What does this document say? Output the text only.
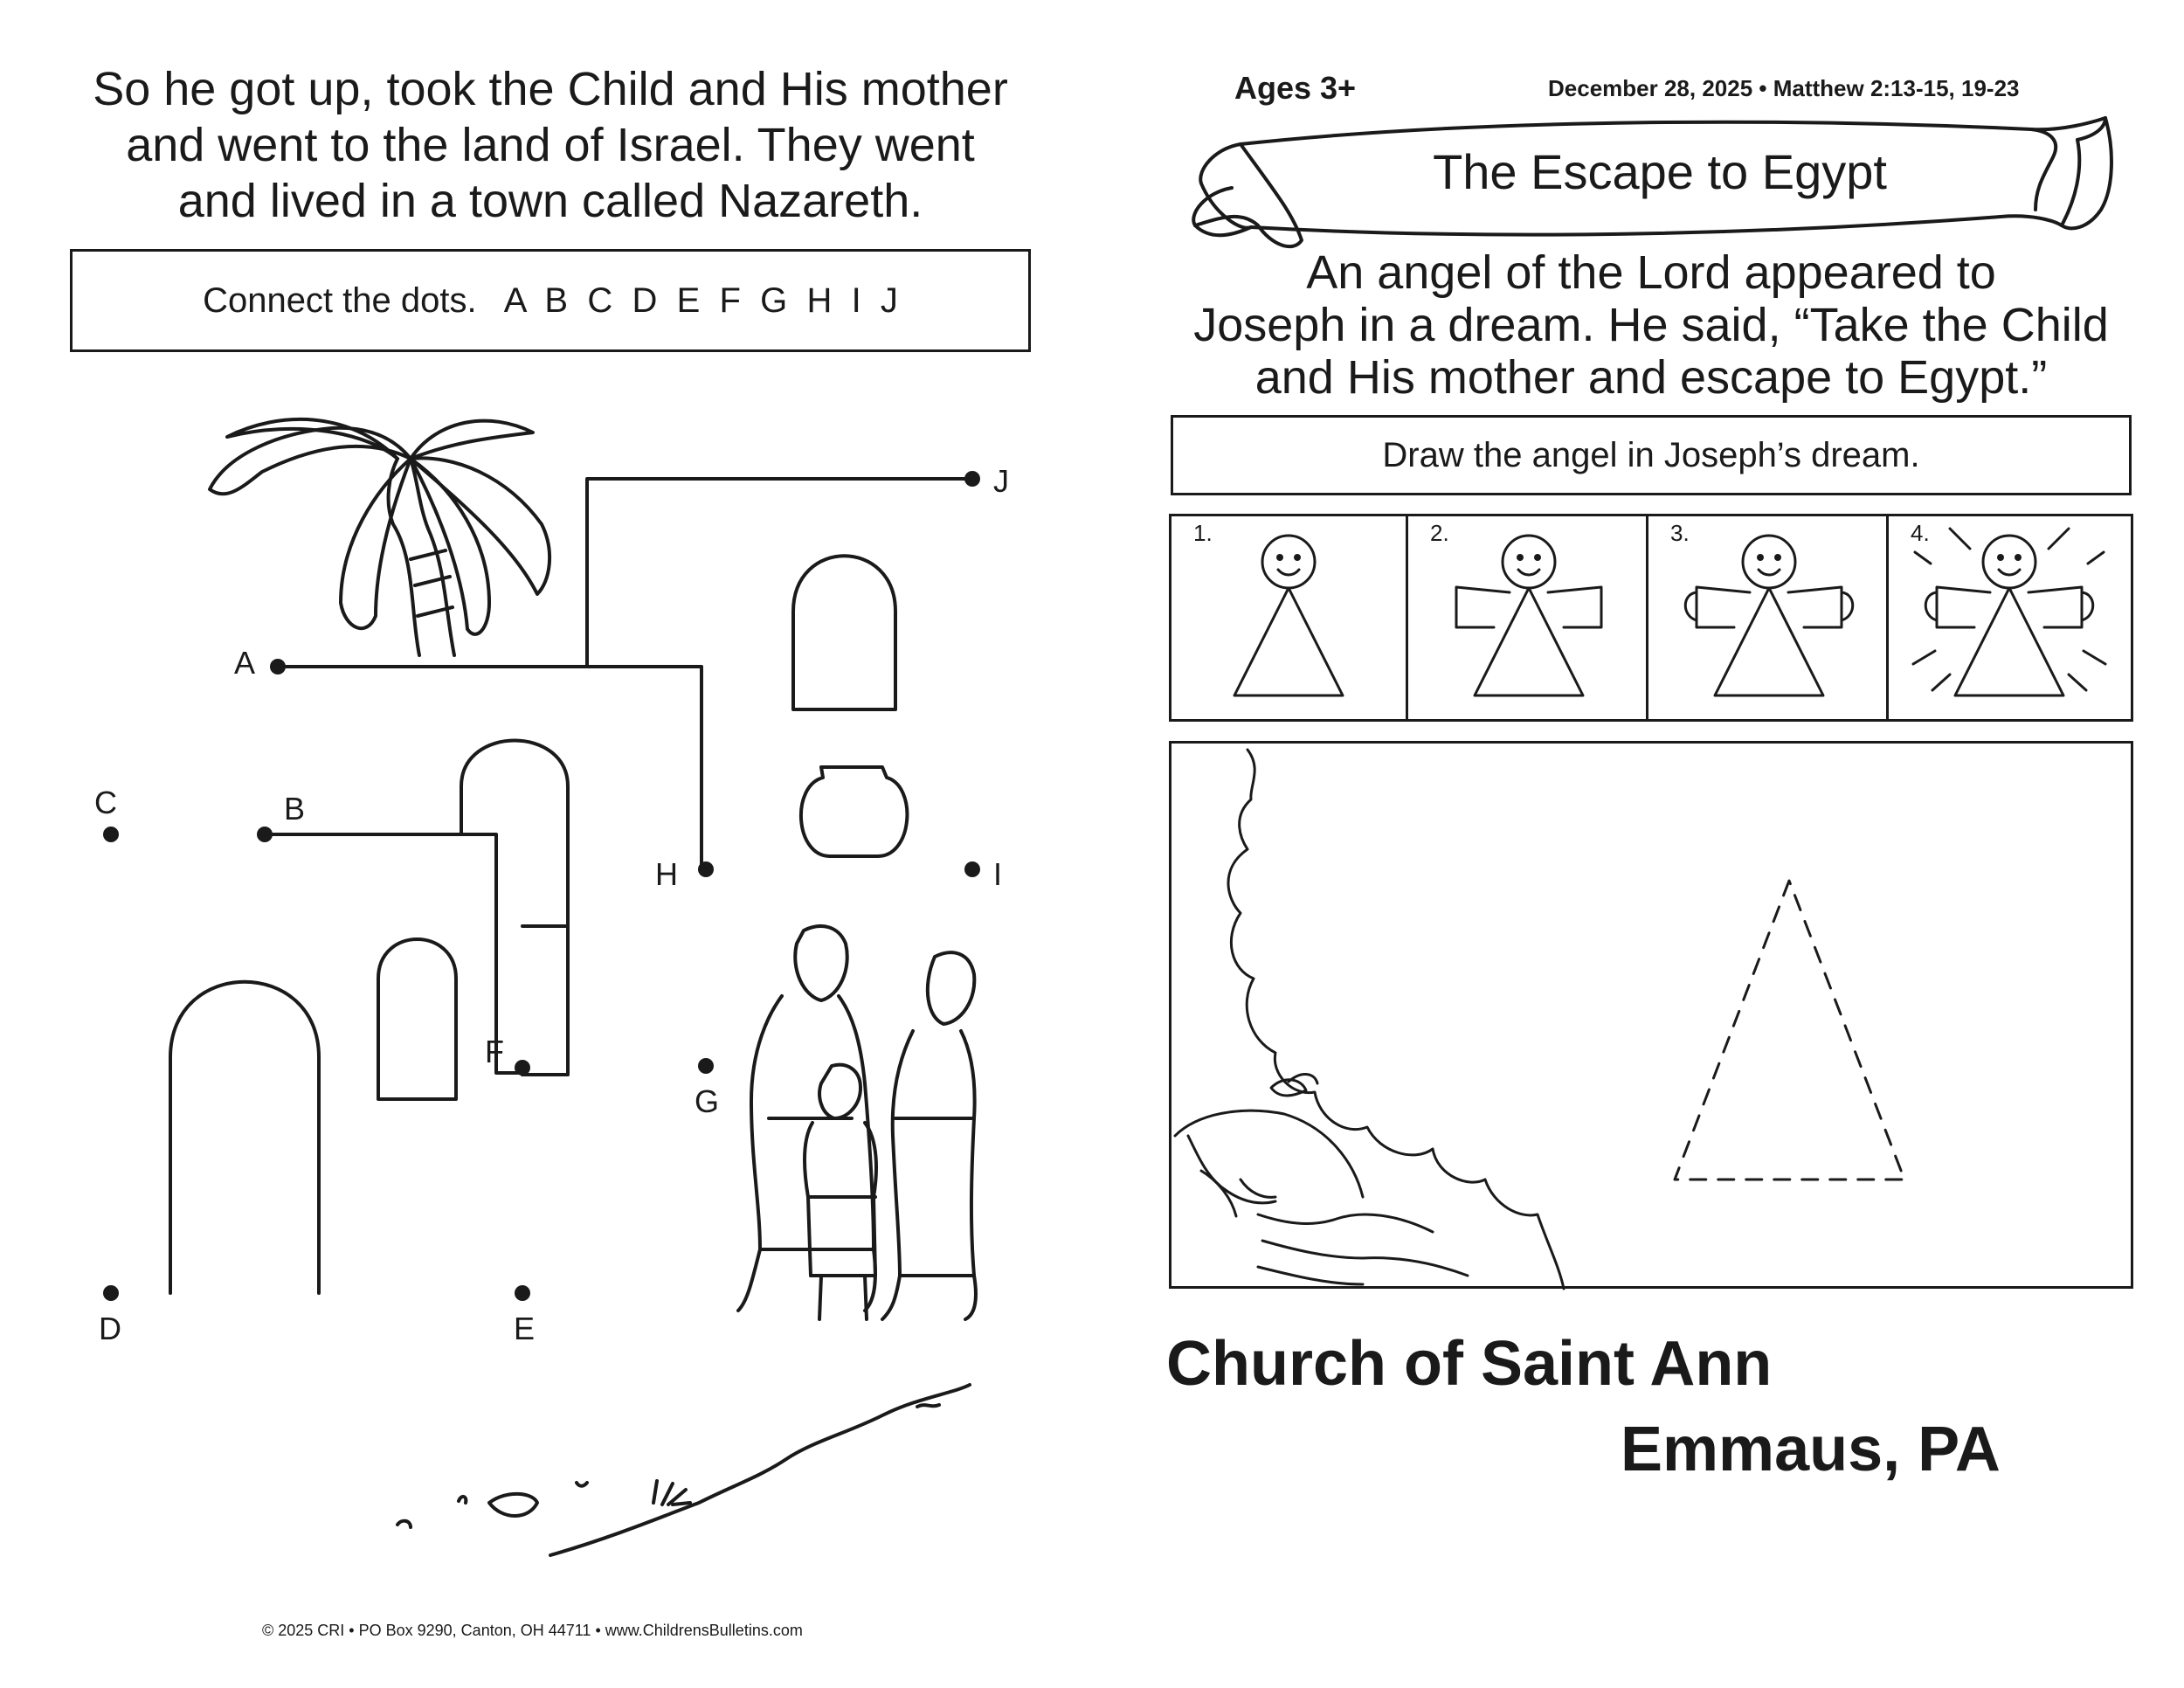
So he got up, took the Child and His mother
and went to the land of Israel. They went
and lived in a town called Nazareth.
Connect the dots.   A  B  C  D  E  F  G  H  I  J
A
B
C
D	E
F
G
H	I
J
© 2025 CRI • PO Box 9290, Canton, OH 44711 • www.ChildrensBulletins.com
Ages 3+	December 28, 2025 • Matthew 2:13-15, 19-23
The Escape to Egypt
An angel of the Lord appeared to
Joseph in a dream. He said, “Take the Child
and His mother and escape to Egypt.”
Draw the angel in Joseph’s dream.
1.	2.	3.	4.
Church of Saint Ann
Emmaus, PA
